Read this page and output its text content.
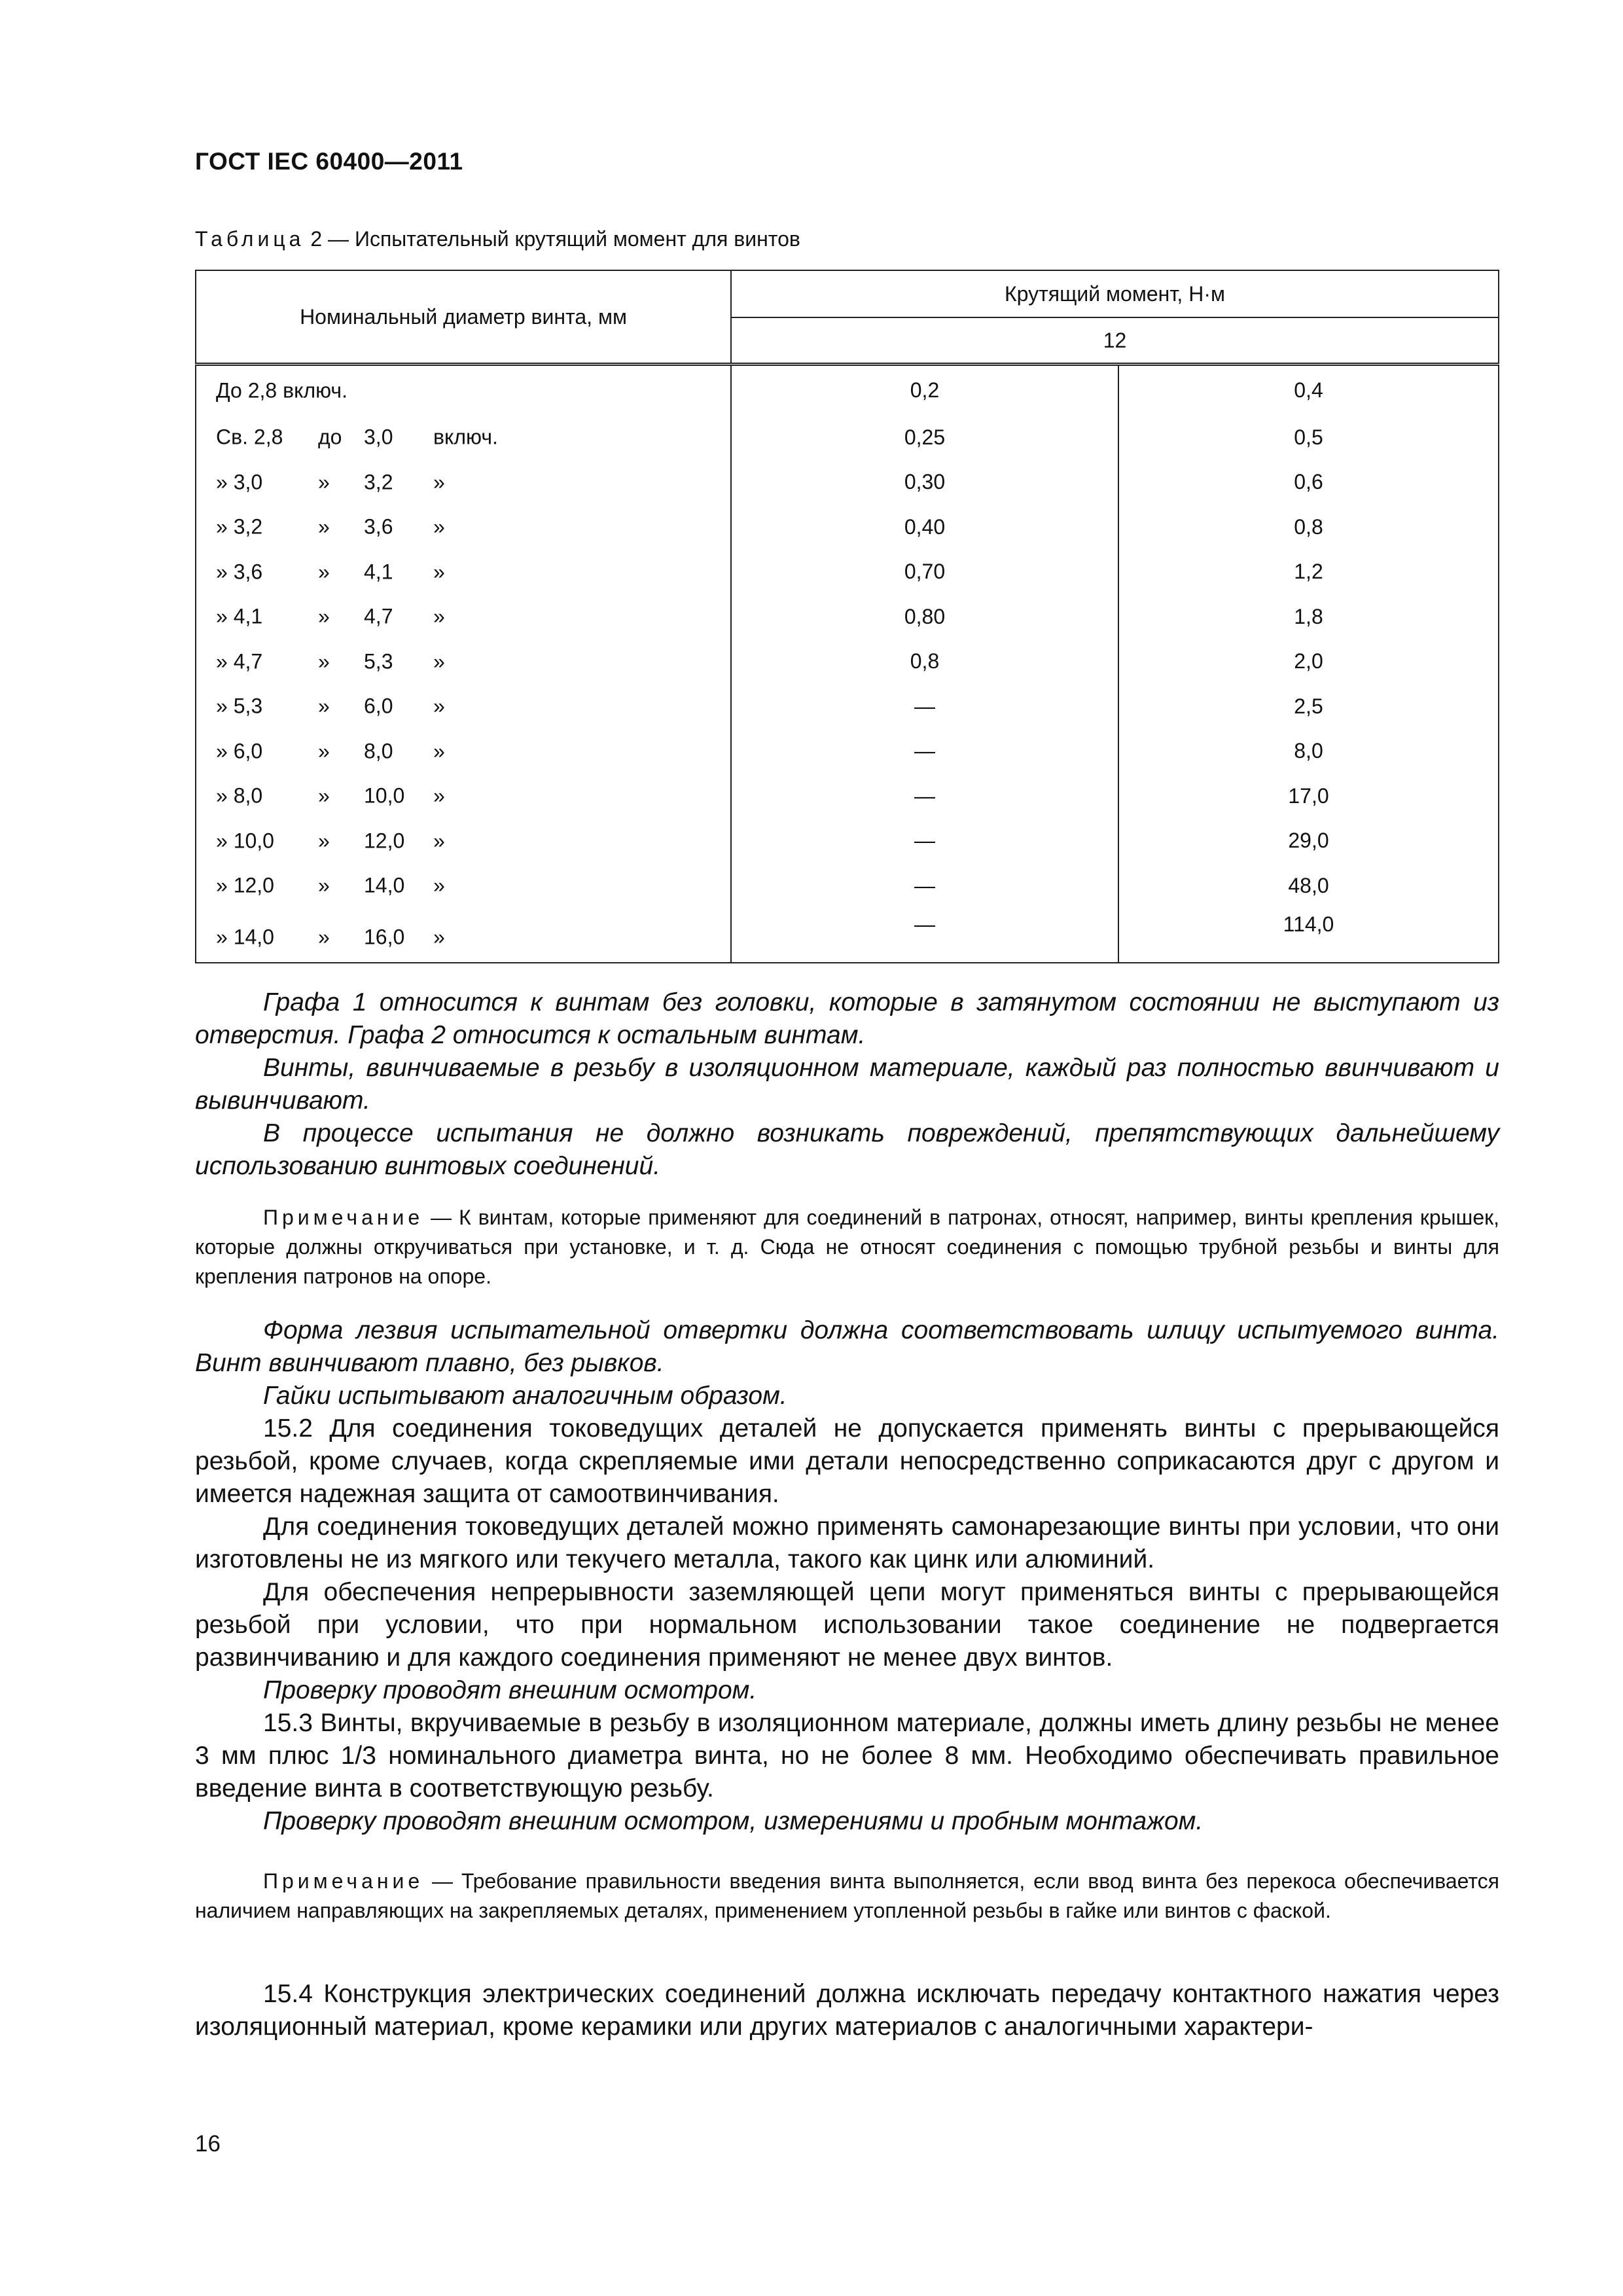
ГОСТ IEC 60400—2011
Таблица 2 — Испытательный крутящий момент для винтов
Номинальный диаметр винта, мм	Крутящий момент, Н·м	
	12	

До 2,8 включ.	0,2	0,4

Св. 2,8 до 3,0 включ.	0,25	0,5

» 3,0 » 3,2 »	0,30	0,6

» 3,2 » 3,6 »	0,40	0,8

» 3,6 » 4,1 »	0,70	1,2

» 4,1 » 4,7 »	0,80	1,8

» 4,7 » 5,3 »	0,8	2,0

» 5,3 » 6,0 »	—	2,5

» 6,0 » 8,0 »	—	8,0

» 8,0 » 10,0 »	—	17,0

» 10,0 » 12,0 »	—	29,0

» 12,0 » 14,0 »	—	48,0

» 14,0 » 16,0 »	—	114,0

Графа 1 относится к винтам без головки, которые в затянутом состоянии не выступают из отверстия. Графа 2 относится к остальным винтам.

Винты, ввинчиваемые в резьбу в изоляционном материале, каждый раз полностью ввинчивают и вывинчивают.

В процессе испытания не должно возникать повреждений, препятствующих дальнейшему использованию винтовых соединений.

Примечание — К винтам, которые применяют для соединений в патронах, относят, например, винты крепления крышек, которые должны откручиваться при установке, и т. д. Сюда не относят соединения с помощью трубной резьбы и винты для крепления патронов на опоре.

Форма лезвия испытательной отвертки должна соответствовать шлицу испытуемого винта. Винт ввинчивают плавно, без рывков.

Гайки испытывают аналогичным образом.

15.2 Для соединения токоведущих деталей не допускается применять винты с прерывающейся резьбой, кроме случаев, когда скрепляемые ими детали непосредственно соприкасаются друг с другом и имеется надежная защита от самоотвинчивания.

Для соединения токоведущих деталей можно применять самонарезающие винты при условии, что они изготовлены не из мягкого или текучего металла, такого как цинк или алюминий.

Для обеспечения непрерывности заземляющей цепи могут применяться винты с прерывающейся резьбой при условии, что при нормальном использовании такое соединение не подвергается развинчиванию и для каждого соединения применяют не менее двух винтов.

Проверку проводят внешним осмотром.

15.3 Винты, вкручиваемые в резьбу в изоляционном материале, должны иметь длину резьбы не менее 3 мм плюс 1/3 номинального диаметра винта, но не более 8 мм. Необходимо обеспечивать правильное введение винта в соответствующую резьбу.

Проверку проводят внешним осмотром, измерениями и пробным монтажом.

Примечание — Требование правильности введения винта выполняется, если ввод винта без перекоса обеспечивается наличием направляющих на закрепляемых деталях, применением утопленной резьбы в гайке или винтов с фаской.

15.4 Конструкция электрических соединений должна исключать передачу контактного нажатия через изоляционный материал, кроме керамики или других материалов с аналогичными характери-

16
